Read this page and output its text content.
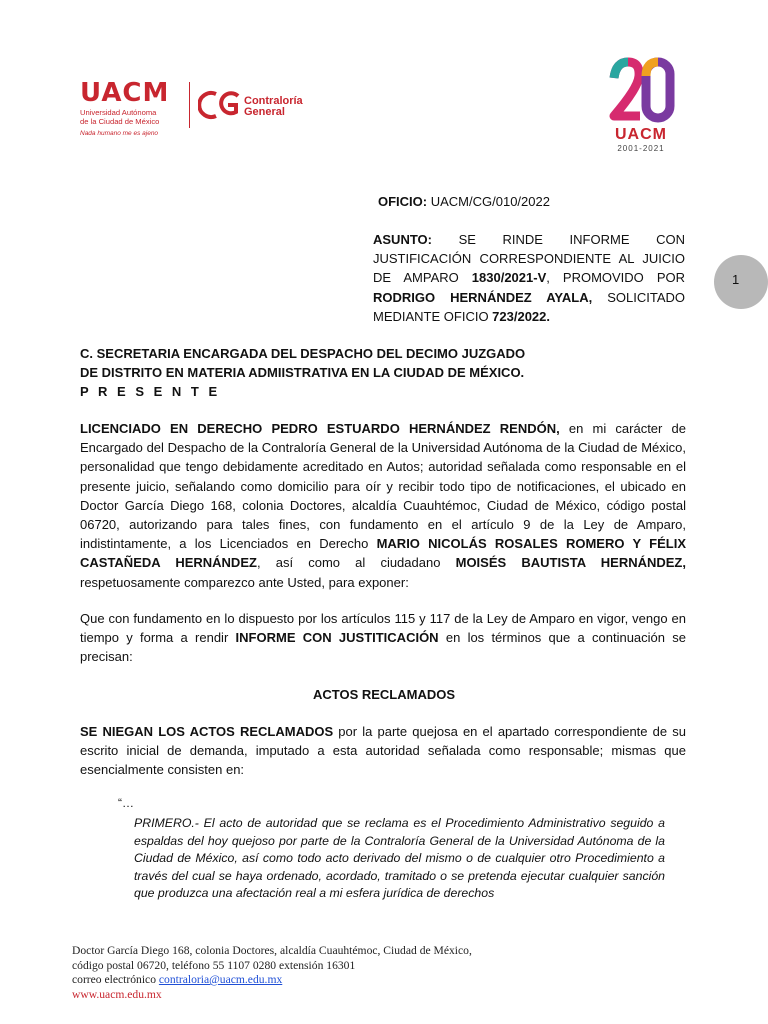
UACM
Universidad Autónoma
de la Ciudad de México
Nada humano me es ajeno
Contraloría
General
UACM
2001-2021
1
OFICIO: UACM/CG/010/2022
ASUNTO: SE RINDE INFORME CON JUSTIFICACIÓN CORRESPONDIENTE AL JUICIO DE AMPARO 1830/2021-V, PROMOVIDO POR RODRIGO HERNÁNDEZ AYALA, SOLICITADO MEDIANTE OFICIO 723/2022.
C. SECRETARIA ENCARGADA DEL DESPACHO DEL DECIMO JUZGADO
DE DISTRITO EN MATERIA ADMIISTRATIVA EN LA CIUDAD DE MÉXICO.
P R E S E N T E
LICENCIADO EN DERECHO PEDRO ESTUARDO HERNÁNDEZ RENDÓN, en mi carácter de Encargado del Despacho de la Contraloría General de la Universidad Autónoma de la Ciudad de México, personalidad que tengo debidamente acreditado en Autos; autoridad señalada como responsable en el presente juicio, señalando como domicilio para oír y recibir todo tipo de notificaciones, el ubicado en Doctor García Diego 168, colonia Doctores, alcaldía Cuauhtémoc, Ciudad de México, código postal 06720, autorizando para tales fines, con fundamento en el artículo 9 de la Ley de Amparo, indistintamente, a los Licenciados en Derecho MARIO NICOLÁS ROSALES ROMERO Y FÉLIX CASTAÑEDA HERNÁNDEZ, así como al ciudadano MOISÉS BAUTISTA HERNÁNDEZ, respetuosamente comparezco ante Usted, para exponer:
Que con fundamento en lo dispuesto por los artículos 115 y 117 de la Ley de Amparo en vigor, vengo en tiempo y forma a rendir INFORME CON JUSTITICACIÓN en los términos que a continuación se precisan:
ACTOS RECLAMADOS
SE NIEGAN LOS ACTOS RECLAMADOS por la parte quejosa en el apartado correspondiente de su escrito inicial de demanda, imputado a esta autoridad señalada como responsable; mismas que esencialmente consisten en:
“…
PRIMERO.- El acto de autoridad que se reclama es el Procedimiento Administrativo seguido a espaldas del hoy quejoso por parte de la Contraloría General de la Universidad Autónoma de la Ciudad de México, así como todo acto derivado del mismo o de cualquier otro Procedimiento a través del cual se haya ordenado, acordado, tramitado o se pretenda ejecutar cualquier sanción que produzca una afectación real a mi esfera jurídica de derechos
Doctor García Diego 168, colonia Doctores, alcaldía Cuauhtémoc, Ciudad de México,
código postal 06720, teléfono 55 1107 0280 extensión 16301
correo electrónico contraloria@uacm.edu.mx
www.uacm.edu.mx
